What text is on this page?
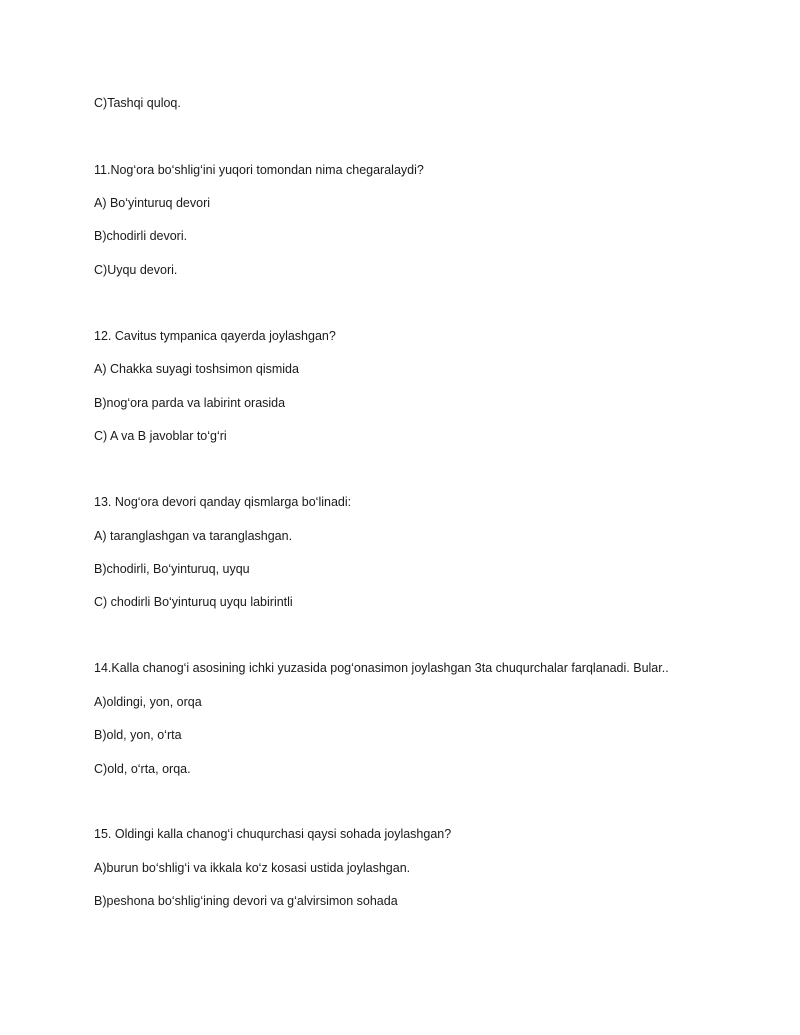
C)Tashqi quloq.
11.Nog‘ora bo‘shlig‘ini yuqori tomondan nima chegaralaydi?
A) Bo‘yinturuq devori
B)chodirli devori.
C)Uyqu devori.
12. Cavitus tympanica qayerda joylashgan?
A) Chakka suyagi toshsimon qismida
B)nog‘ora parda va labirint orasida
C) A va B javoblar to‘g‘ri
13. Nog‘ora devori qanday qismlarga bo‘linadi:
A) taranglashgan va taranglashgan.
B)chodirli, Bo‘yinturuq, uyqu
C) chodirli Bo‘yinturuq uyqu labirintli
14.Kalla chanog‘i asosining ichki yuzasida pog‘onasimon joylashgan 3ta chuqurchalar farqlanadi. Bular..
A)oldingi, yon, orqa
B)old, yon, o‘rta
C)old, o‘rta, orqa.
15. Oldingi kalla chanog‘i chuqurchasi qaysi sohada joylashgan?
A)burun bo‘shlig‘i va ikkala ko‘z kosasi ustida joylashgan.
B)peshona bo‘shlig‘ining devori va g‘alvirsimon sohada
